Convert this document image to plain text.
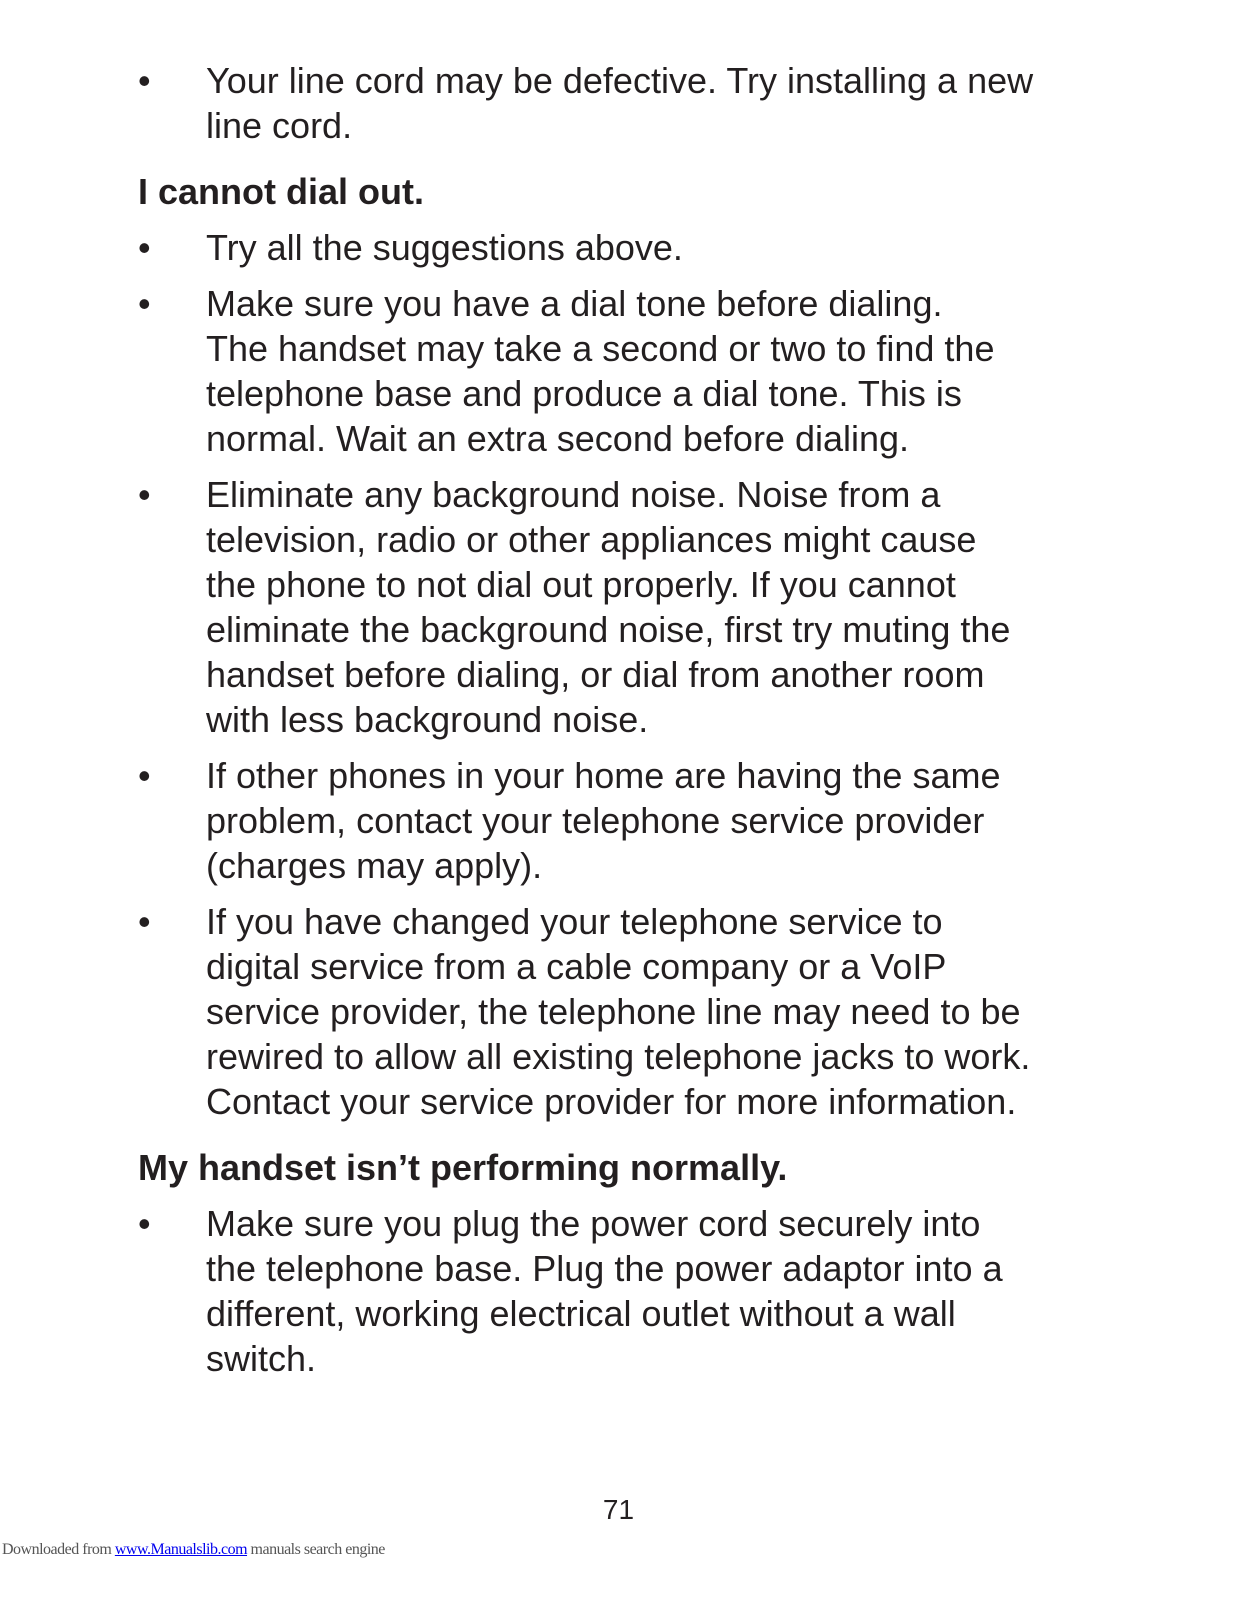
•	Your line cord may be defective. Try installing a new
line cord.
I cannot dial out.
•	Try all the suggestions above.
•	Make sure you have a dial tone before dialing.
The handset may take a second or two to find the
telephone base and produce a dial tone. This is
normal. Wait an extra second before dialing.
•	Eliminate any background noise. Noise from a
television, radio or other appliances might cause
the phone to not dial out properly. If you cannot
eliminate the background noise, first try muting the
handset before dialing, or dial from another room
with less background noise.
•	If other phones in your home are having the same
problem, contact your telephone service provider
(charges may apply).
•	If you have changed your telephone service to
digital service from a cable company or a VoIP
service provider, the telephone line may need to be
rewired to allow all existing telephone jacks to work.
Contact your service provider for more information.
My handset isn’t performing normally.
•	Make sure you plug the power cord securely into
the telephone base. Plug the power adaptor into a
different, working electrical outlet without a wall
switch.
71
Downloaded from www.Manualslib.com manuals search engine
